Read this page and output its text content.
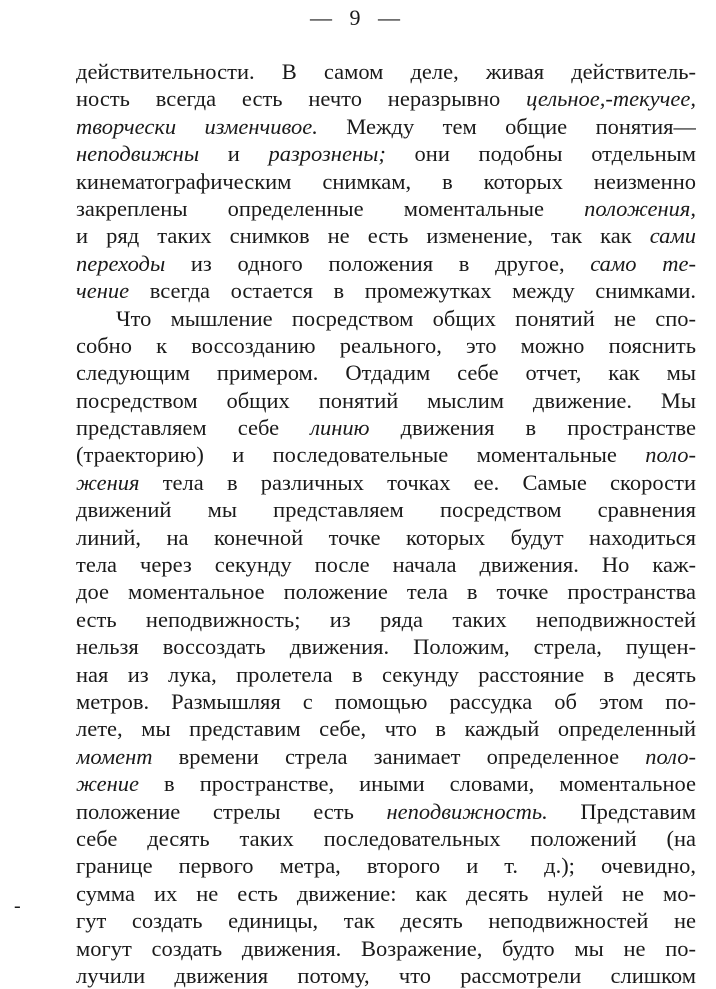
— 9 —
-
действительности. В самом деле, живая действитель-
ность всегда есть нечто неразрывно цельное,-текучее,
творчески изменчивое. Между тем общие понятия—
неподвижны и разрознены; они подобны отдельным
кинематографическим снимкам, в которых неизменно
закреплены определенные моментальные положения,
и ряд таких снимков не есть изменение, так как сами
переходы из одного положения в другое, само те-
чение всегда остается в промежутках между снимками.
Что мышление посредством общих понятий не спо-
собно к воссозданию реального, это можно пояснить
следующим примером. Отдадим себе отчет, как мы
посредством общих понятий мыслим движение. Мы
представляем себе линию движения в пространстве
(траекторию) и последовательные моментальные поло-
жения тела в различных точках ее. Самые скорости
движений мы представляем посредством сравнения
линий, на конечной точке которых будут находиться
тела через секунду после начала движения. Но каж-
дое моментальное положение тела в точке пространства
есть неподвижность; из ряда таких неподвижностей
нельзя воссоздать движения. Положим, стрела, пущен-
ная из лука, пролетела в секунду расстояние в десять
метров. Размышляя с помощью рассудка об этом по-
лете, мы представим себе, что в каждый определенный
момент времени стрела занимает определенное поло-
жение в пространстве, иными словами, моментальное
положение стрелы есть неподвижность. Представим
себе десять таких последовательных положений (на
границе первого метра, второго и т. д.); очевидно,
сумма их не есть движение: как десять нулей не мо-
гут создать единицы, так десять неподвижностей не
могут создать движения. Возражение, будто мы не по-
лучили движения потому, что рассмотрели слишком
